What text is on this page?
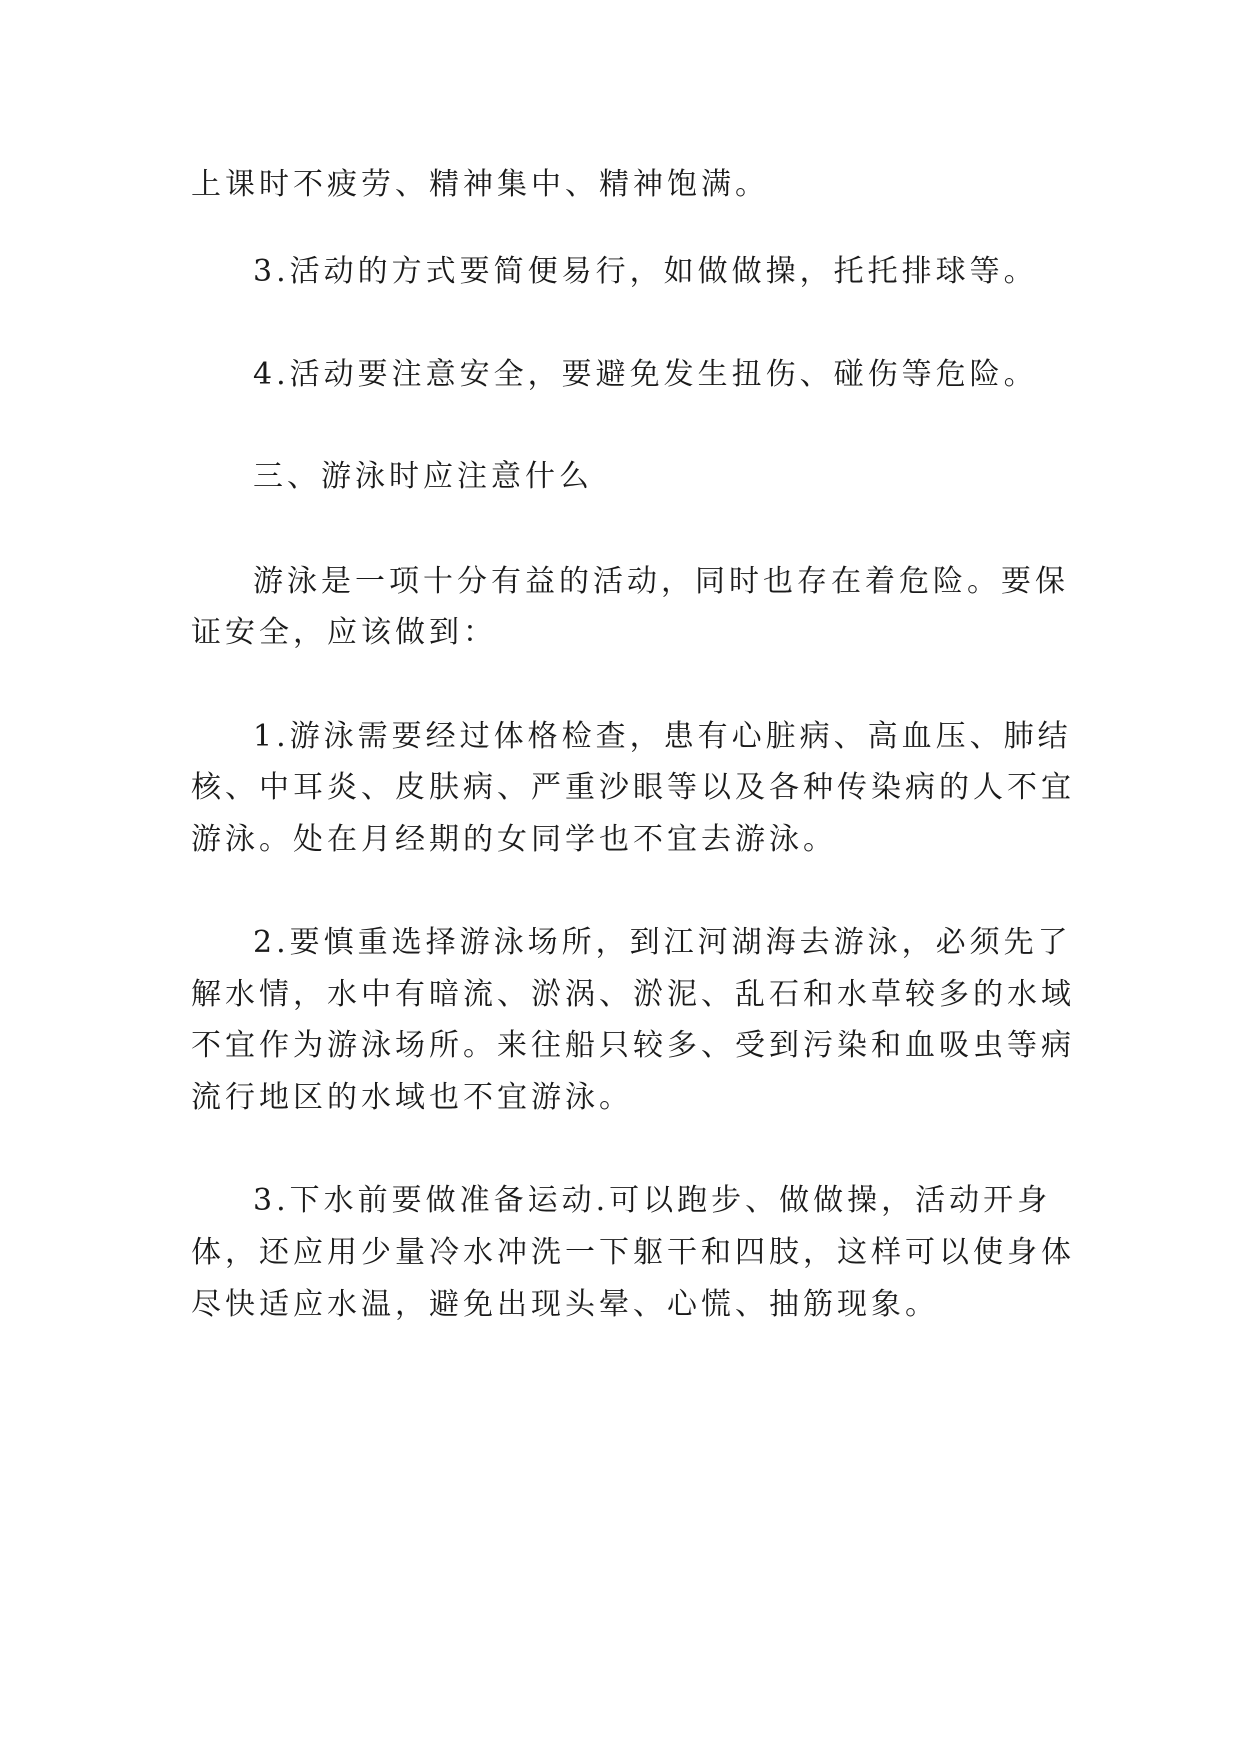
上课时不疲劳、精神集中、精神饱满。
3.活动的方式要简便易行，如做做操，托托排球等。
4.活动要注意安全，要避免发生扭伤、碰伤等危险。
三、游泳时应注意什么
游泳是一项十分有益的活动，同时也存在着危险。要保
证安全，应该做到：
1.游泳需要经过体格检查，患有心脏病、高血压、肺结
核、中耳炎、皮肤病、严重沙眼等以及各种传染病的人不宜
游泳。处在月经期的女同学也不宜去游泳。
2.要慎重选择游泳场所，到江河湖海去游泳，必须先了
解水情，水中有暗流、淤涡、淤泥、乱石和水草较多的水域
不宜作为游泳场所。来往船只较多、受到污染和血吸虫等病
流行地区的水域也不宜游泳。
3.下水前要做准备运动.可以跑步、做做操，活动开身
体，还应用少量冷水冲洗一下躯干和四肢，这样可以使身体
尽快适应水温，避免出现头晕、心慌、抽筋现象。
